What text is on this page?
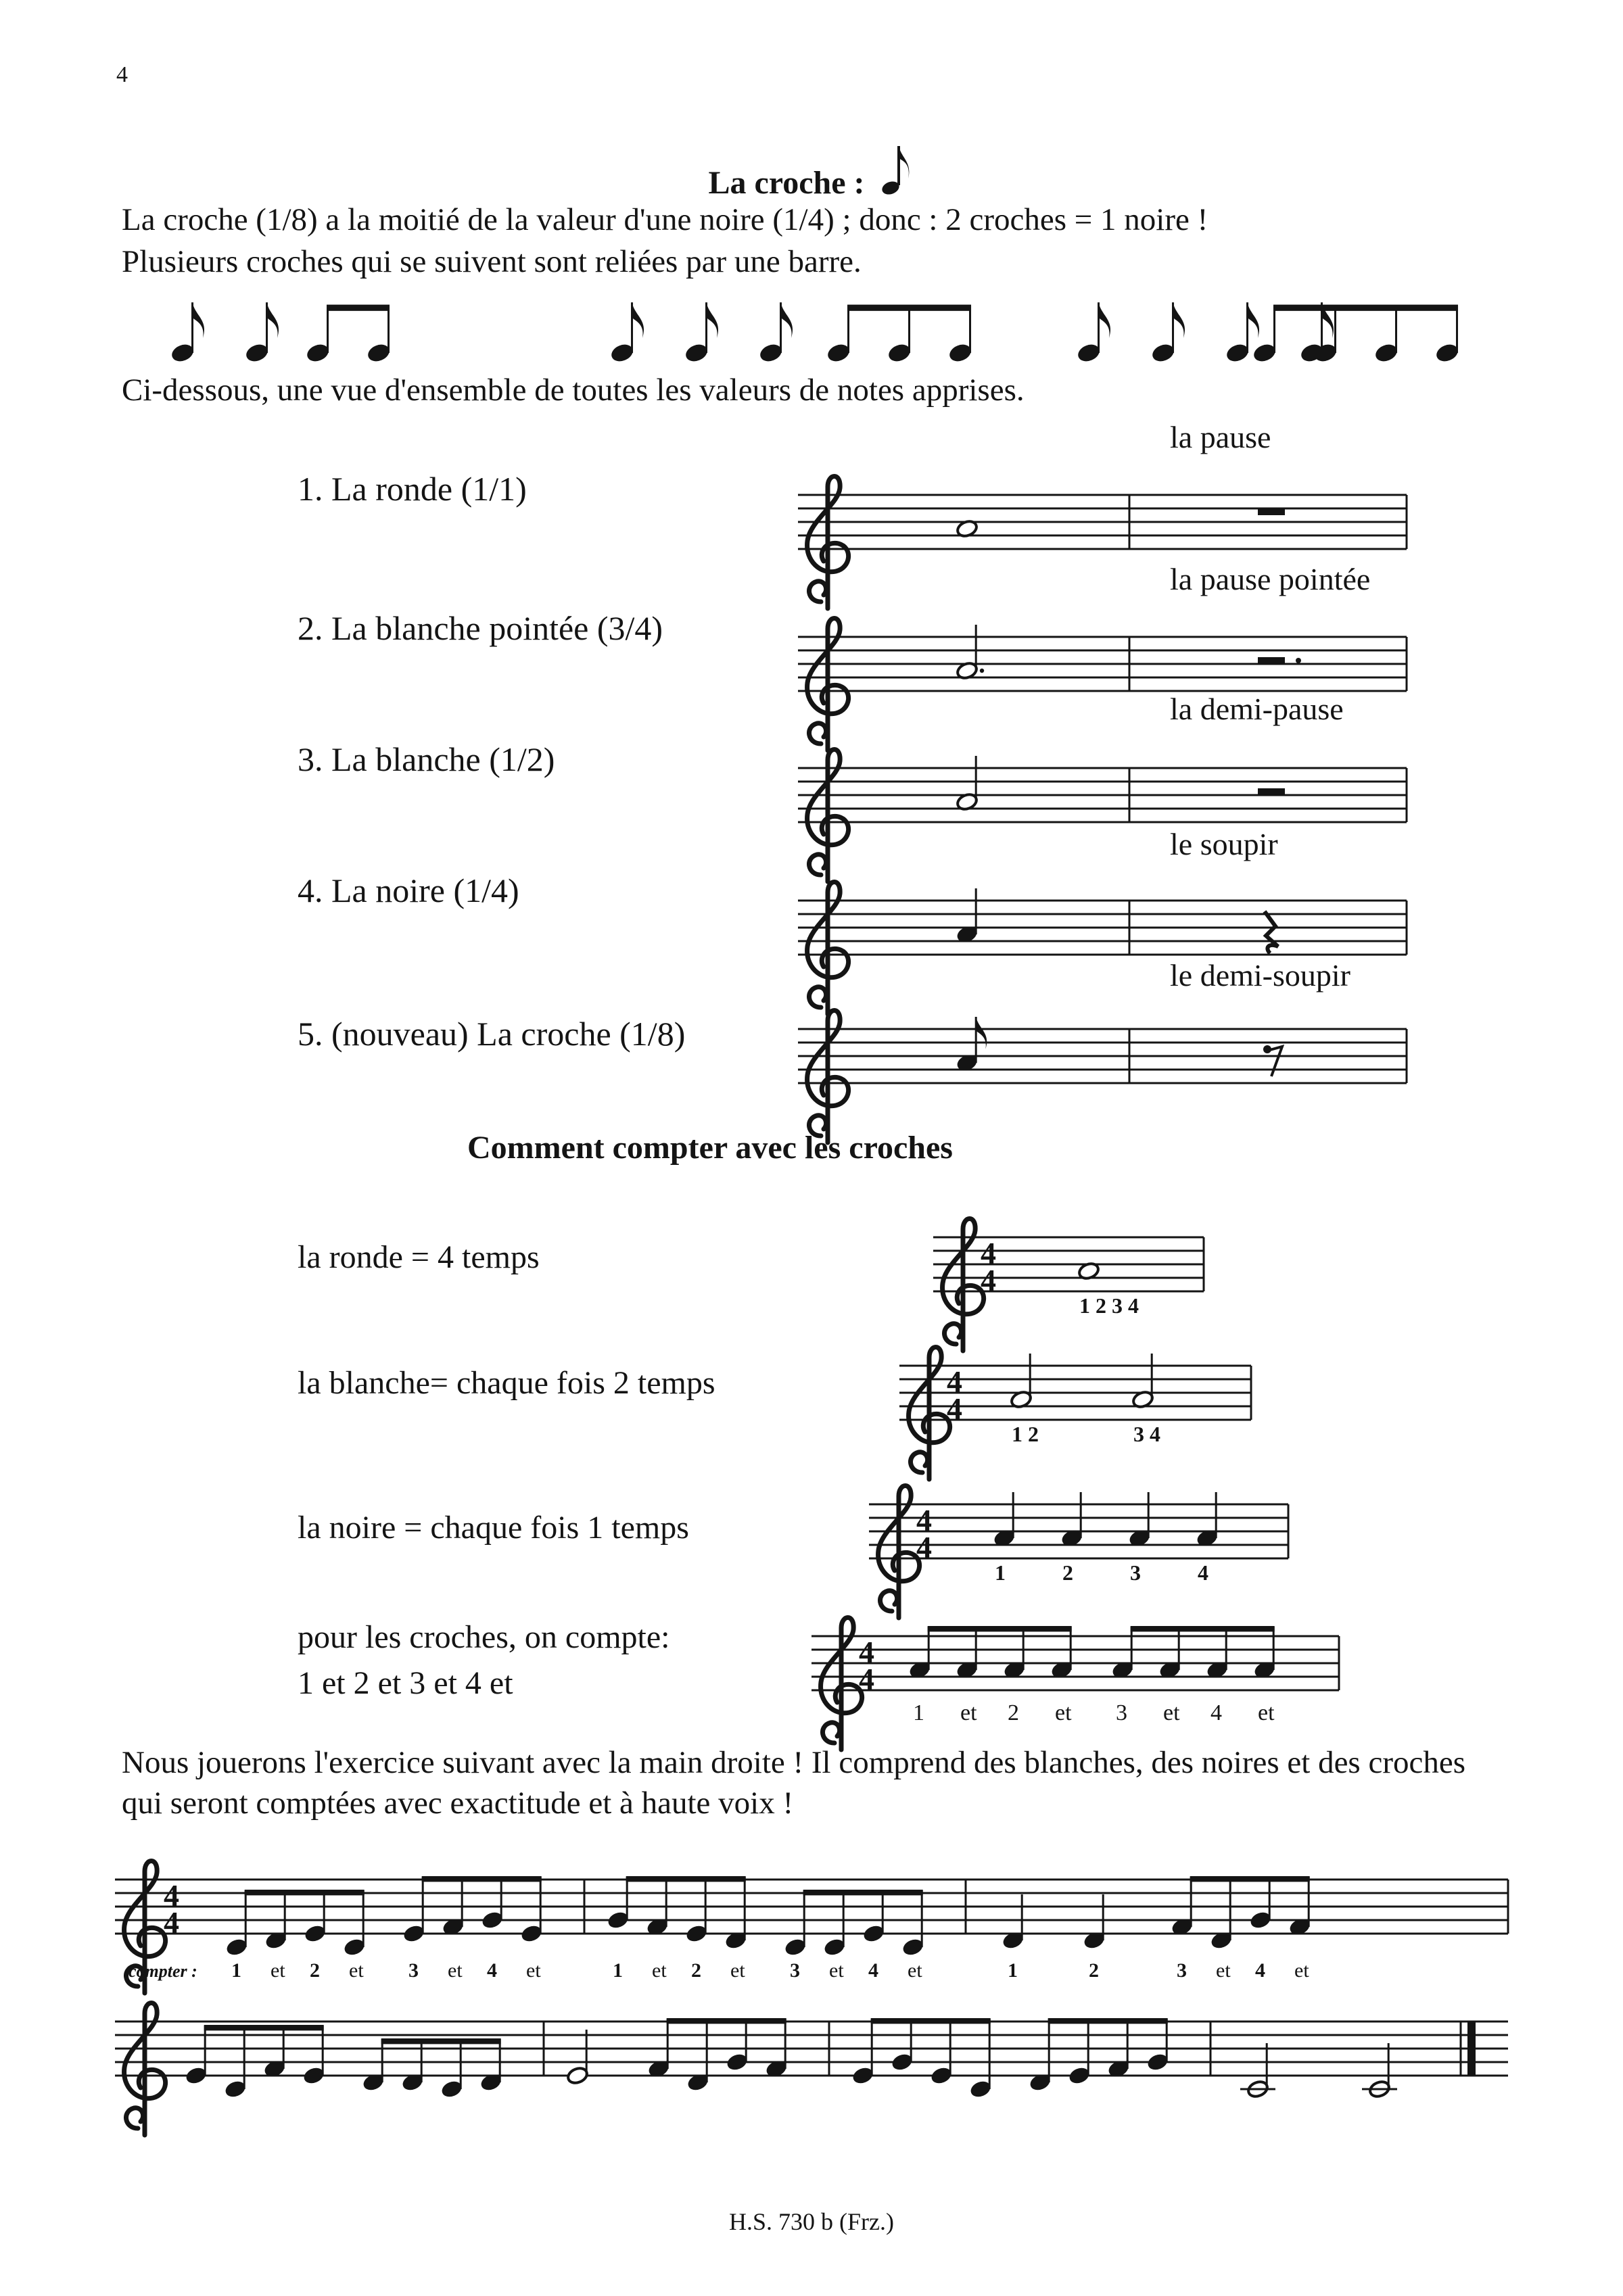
4
La croche :
La croche (1/8) a la moitié de la valeur d'une noire (1/4) ; donc : 2 croches = 1 noire !
Plusieurs croches qui se suivent sont reliées par une barre.
Ci-dessous, une vue d'ensemble de toutes les valeurs de notes apprises.
1. La ronde (1/1)
2. La blanche pointée (3/4)
3. La blanche (1/2)
4. La noire (1/4)
5. (nouveau) La croche (1/8)
la pause
la pause pointée
la demi-pause
le soupir
le demi-soupir
Comment compter avec les croches
la ronde = 4 temps
la blanche= chaque fois 2 temps
la noire = chaque fois 1 temps
pour les croches, on compte:
1 et 2 et 3 et 4 et
4
4
1 2 3 4
4
4
1 2	3 4
4
4
1	2	3	4
4
4
1 et 2 et 3 et 4 et
Nous jouerons l'exercice suivant avec la main droite ! Il comprend des blanches, des noires et des croches
qui seront comptées avec exactitude et à haute voix !
4
4
compter : 1 et 2 et 3 et 4 et	1 et 2 et 3 et 4 et	1	2	3 et 4 et
H.S. 730 b (Frz.)
